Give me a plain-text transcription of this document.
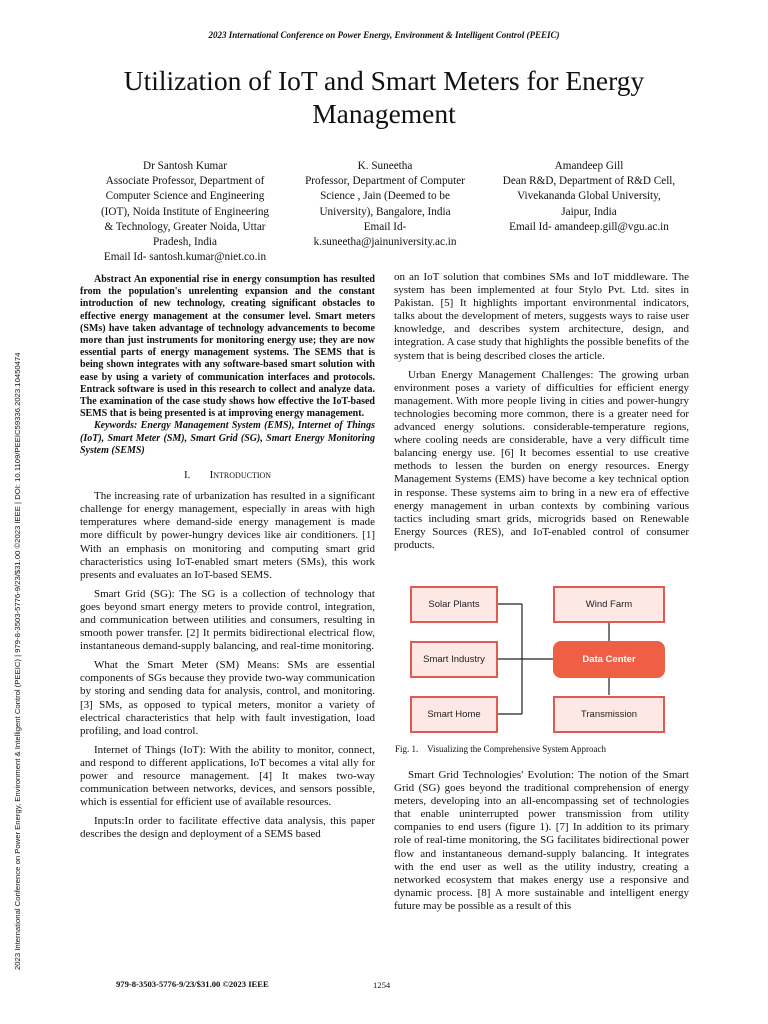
2023 International Conference on Power Energy, Environment & Intelligent Control (PEEIC)
Utilization of IoT and Smart Meters for Energy
Management
Dr Santosh Kumar
Associate Professor, Department of
Computer Science and Engineering
(IOT), Noida Institute of Engineering
& Technology, Greater Noida, Uttar
Pradesh, India
Email Id- santosh.kumar@niet.co.in
K. Suneetha
Professor, Department of Computer
Science , Jain (Deemed to be
University), Bangalore, India
Email Id-
k.suneetha@jainuniversity.ac.in
Amandeep Gill
Dean R&D, Department of R&D Cell,
Vivekananda Global University,
Jaipur, India
Email Id- amandeep.gill@vgu.ac.in
2023 International Conference on Power Energy, Environment & Intelligent Control (PEEIC) | 979-8-3503-5776-9/23/$31.00 ©2023 IEEE | DOI: 10.1109/PEEIC59336.2023.10450474

Abstract An exponential rise in energy consumption has resulted from the population's unrelenting expansion and the constant introduction of new technology, creating significant obstacles to effective energy management at the consumer level. Smart meters (SMs) have taken advantage of technology advancements to become more than just instruments for monitoring energy use; they are now essential parts of energy management systems. The SEMS that is being shown integrates with any software-based smart solution with ease by using a variety of communication interfaces and protocols. Entrack software is used in this research to collect and analyze data. The examination of the case study shows how effective the IoT-based SEMS that is being presented is at improving energy management.

Keywords: Energy Management System (EMS), Internet of Things (IoT), Smart Meter (SM), Smart Grid (SG), Smart Energy Monitoring System (SEMS)

I. Introduction

The increasing rate of urbanization has resulted in a significant challenge for energy management, especially in areas with high temperatures where demand-side energy management is made more difficult by power-hungry devices like air conditioners. [1] With an emphasis on monitoring and computing smart grid characteristics using IoT-enabled smart meters (SMs), this work presents and evaluates an IoT-based SEMS.

Smart Grid (SG): The SG is a collection of technology that goes beyond smart energy meters to provide control, integration, and communication between utilities and consumers, resulting in smooth power transfer. [2] It permits bidirectional electrical flow, instantaneous demand-supply balancing, and real-time monitoring.

What the Smart Meter (SM) Means: SMs are essential components of SGs because they provide two-way communication by storing and sending data for analysis, control, and monitoring. [3] SMs, as opposed to typical meters, monitor a variety of electrical characteristics that help with fault investigation, load profiling, and load control.

Internet of Things (IoT): With the ability to monitor, connect, and respond to different applications, IoT becomes a vital ally for power and resource management. [4] It makes two-way communication between networks, devices, and sensors possible, which is essential for efficient use of available resources.

Inputs:In order to facilitate effective data analysis, this paper describes the design and deployment of a SEMS based

on an IoT solution that combines SMs and IoT middleware. The system has been implemented at four Stylo Pvt. Ltd. sites in Pakistan. [5] It highlights important environmental indicators, talks about the development of meters, suggests ways to raise user knowledge, and describes system architecture, design, and integration. A case study that highlights the possible benefits of the system that is being described closes the article.

Urban Energy Management Challenges: The growing urban environment poses a variety of difficulties for efficient energy management. With more people living in cities and power-hungry technologies becoming more common, there is a greater need for advanced energy solutions. considerable-temperature regions, where cooling needs are considerable, have a very difficult time balancing energy use. [6] It becomes essential to use creative methods to lessen the burden on energy resources. Energy Management Systems (EMS) have become a key technical option in response. These systems aim to bring in a new era of effective energy management in urban contexts by combining various tactics including smart grids, microgrids based on Renewable Energy Sources (RES), and IoT-enabled control of consumer products.

Solar Plants	Wind Farm
Smart Industry	Data Center
Smart Home	Transmission
Fig. 1.    Visualizing the Comprehensive System Approach

Smart Grid Technologies' Evolution: The notion of the Smart Grid (SG) goes beyond the traditional comprehension of energy meters, developing into an all-encompassing set of technologies that enable uninterrupted power transmission from utility companies to end users (figure 1). [7] In addition to its primary role of real-time monitoring, the SG facilitates bidirectional power flow and instantaneous demand-supply balancing. It integrates with the end user as well as the utility industry, creating a networked ecosystem that makes energy use a responsive and dynamic process. [8] A more sustainable and intelligent energy future may be possible as a result of this

979-8-3503-5776-9/23/$31.00 ©2023 IEEE	1254
